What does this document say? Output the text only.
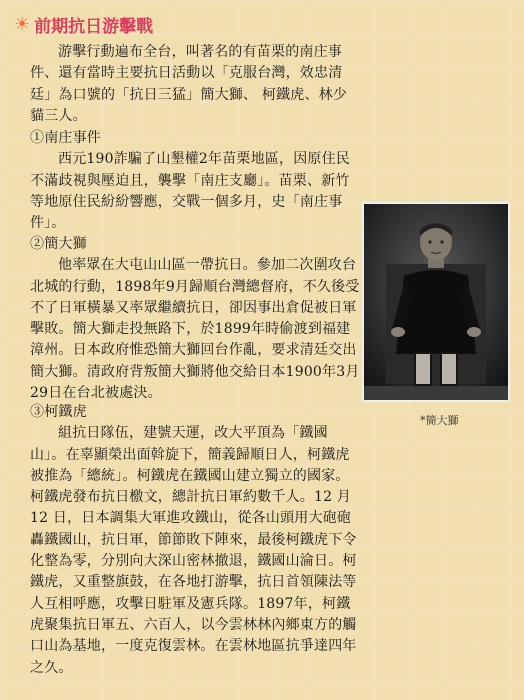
☀ 前期抗日游擊戰

游擊行動遍布全台，叫著名的有苗栗的南庄事件、還有當時主要抗日活動以「克服台灣，效忠清廷」為口號的「抗日三猛」簡大獅、 柯鐵虎、林少貓三人。

①南庄事件

西元190詐騙了山墾權2年苗栗地區，因原住民不滿歧視與壓迫且，襲擊「南庄支廳」。苗栗、新竹等地原住民紛紛響應，交戰一個多月，史「南庄事件」。

②簡大獅

他率眾在大屯山山區一帶抗日。參加二次圍攻台北城的行動，1898年9月歸順台灣總督府，不久後受不了日軍橫暴又率眾繼續抗日，卻因事出倉促被日軍擊敗。簡大獅走投無路下，於1899年時偷渡到福建漳州。日本政府惟恐簡大獅回台作亂，要求清廷交出簡大獅。清政府背叛簡大獅將他交給日本1900年3月29日在台北被處決。

③柯鐵虎

組抗日隊伍，建號天運，改大平頂為「鐵國山」。在辜顯榮出面斡旋下，簡義歸順日人，柯鐵虎被推為「總統」。柯鐵虎在鐵國山建立獨立的國家。柯鐵虎發布抗日檄文，總計抗日軍約數千人。12 月 12 日，日本調集大軍進攻鐵山，從各山頭用大砲砲轟鐵國山，抗日軍，節節敗下陣來，最後柯鐵虎下令化整為零，分別向大深山密林撤退，鐵國山淪日。柯鐵虎，又重整旗鼓，在各地打游擊，抗日首領陳法等人互相呼應，攻擊日駐軍及憲兵隊。1897年，柯鐵虎聚集抗日軍五、六百人，以今雲林林內鄉東方的觸口山為基地，一度克復雲林。在雲林地區抗爭達四年之久。

*簡大獅
